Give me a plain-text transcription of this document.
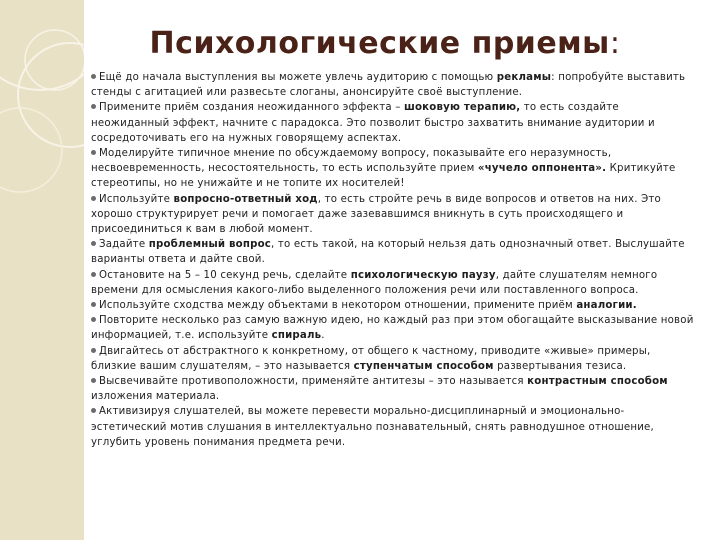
Психологические приемы:
Ещё до начала выступления вы можете увлечь аудиторию с помощью рекламы: попробуйте выставить стенды с агитацией или развесьте слоганы, анонсируйте своё выступление.
Примените приём создания неожиданного эффекта – шоковую терапию, то есть создайте неожиданный эффект, начните с парадокса. Это позволит быстро захватить внимание аудитории и сосредоточивать его на нужных говорящему аспектах.
Моделируйте типичное мнение по обсуждаемому вопросу, показывайте его неразумность, несвоевременность, несостоятельность, то есть используйте прием «чучело оппонента». Критикуйте стереотипы, но не унижайте и не топите их носителей!
Используйте вопросно-ответный ход, то есть стройте речь в виде вопросов и ответов на них. Это хорошо структурирует речи и помогает даже зазевавшимся вникнуть в суть происходящего и присоединиться к вам в любой момент.
Задайте проблемный вопрос, то есть такой, на который нельзя дать однозначный ответ. Выслушайте варианты ответа и дайте свой.
Остановите на 5 – 10 секунд речь, сделайте психологическую паузу, дайте слушателям немного времени для осмысления какого-либо выделенного положения речи или поставленного вопроса.
Используйте сходства между объектами в некотором отношении, примените приём аналогии.
Повторите несколько раз самую важную идею, но каждый раз при этом обогащайте высказывание новой информацией, т.е. используйте спираль.
Двигайтесь от абстрактного к конкретному, от общего к частному, приводите «живые» примеры, близкие вашим слушателям, – это называется ступенчатым способом развертывания тезиса.
Высвечивайте противоположности, применяйте антитезы – это называется контрастным способом изложения материала.
Активизируя слушателей, вы можете перевести морально-дисциплинарный и эмоционально-эстетический мотив слушания в интеллектуально познавательный, снять равнодушное отношение, углубить уровень понимания предмета речи.
